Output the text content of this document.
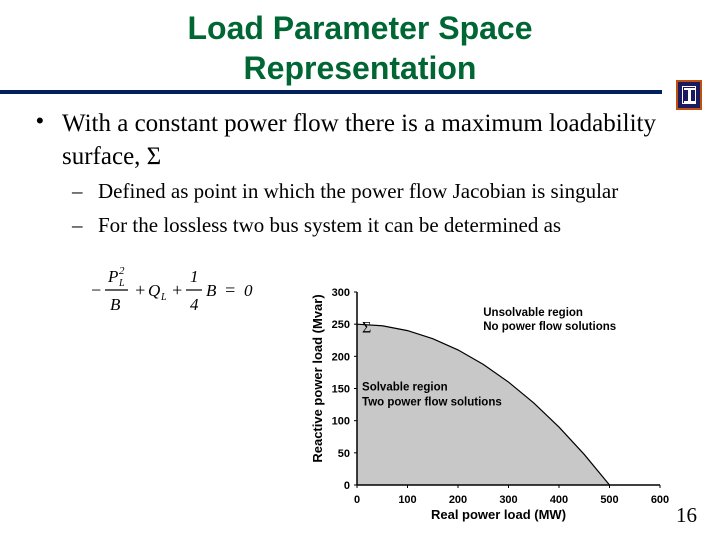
Load Parameter Space
Representation
• With a constant power flow there is a maximum loadability surface, Σ
– Defined as point in which the power flow Jacobian is singular
– For the lossless two bus system it can be determined as
−
P 2
L
B
+ Q L +
1
4
B = 0
0	100	200	300	400	500	600
0
50
100
150
200
250
300
Real power load (MW)
Reactive power load (Mvar) Σ
Unsolvable region
No power flow solutions
Solvable region
Two power flow solutions
16
